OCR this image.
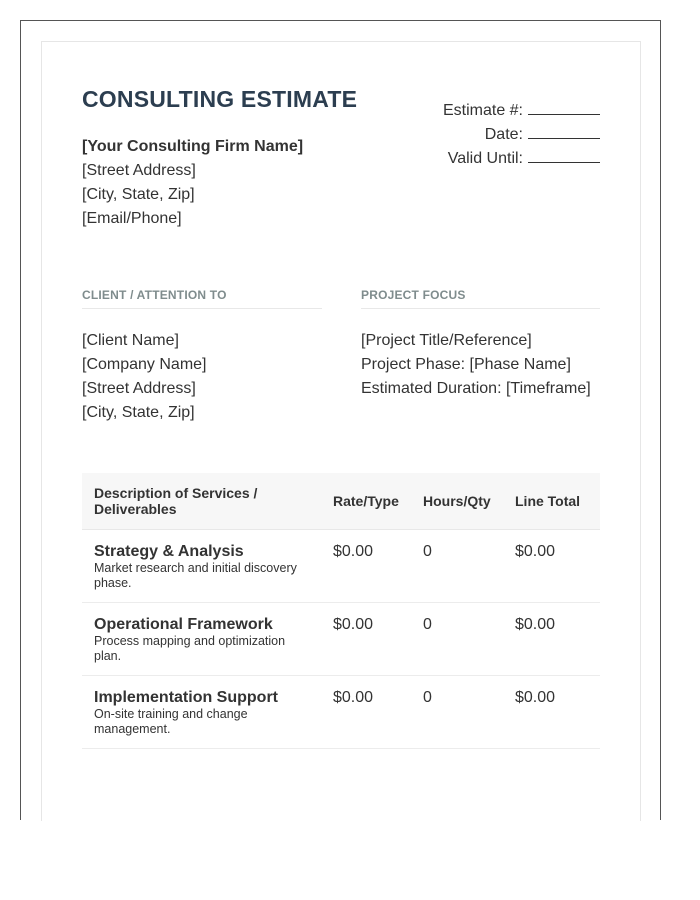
CONSULTING ESTIMATE
[Your Consulting Firm Name]
[Street Address]
[City, State, Zip]
[Email/Phone]
Estimate #:
Date:
Valid Until:
CLIENT / ATTENTION TO
[Client Name]
[Company Name]
[Street Address]
[City, State, Zip]
PROJECT FOCUS
[Project Title/Reference]
Project Phase: [Phase Name]
Estimated Duration: [Timeframe]
Description of Services / Deliverables	Rate/Type	Hours/Qty	Line Total

Strategy & Analysis
Market research and initial discovery phase.	$0.00	0	$0.00

Operational Framework
Process mapping and optimization plan.	$0.00	0	$0.00

Implementation Support
On-site training and change management.	$0.00	0	$0.00
